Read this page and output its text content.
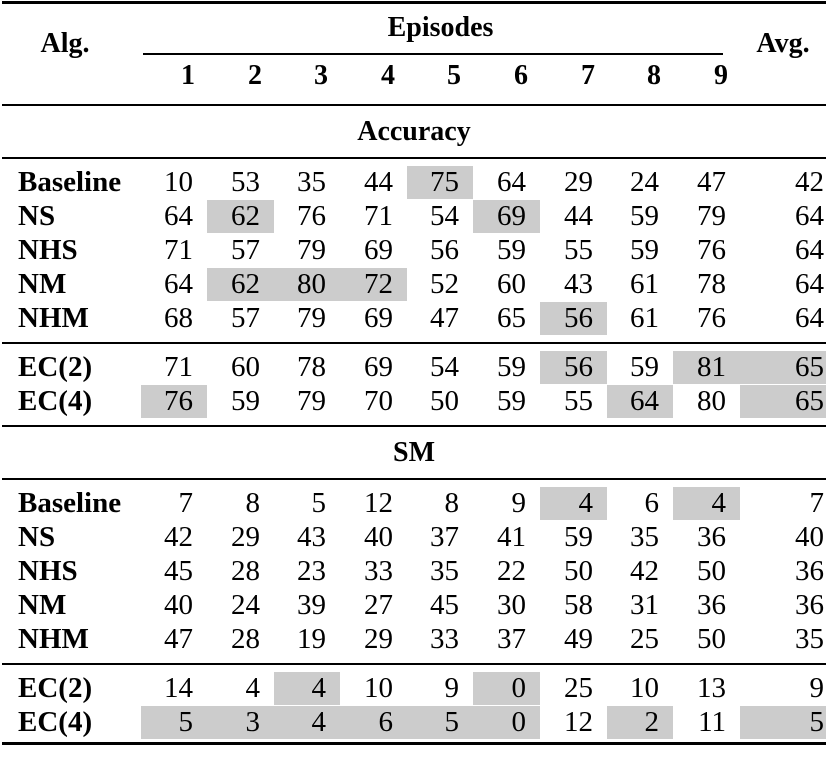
Alg.
Episodes
Avg.
1	2	3	4	5	6	7	8	9
Accuracy
Baseline	10	53	35	44	75	64	29	24	47	42
NS	64	62	76	71	54	69	44	59	79	64
NHS	71	57	79	69	56	59	55	59	76	64
NM	64	62	80	72	52	60	43	61	78	64
NHM	68	57	79	69	47	65	56	61	76	64
EC(2)	71	60	78	69	54	59	56	59	81	65
EC(4)	76	59	79	70	50	59	55	64	80	65
SM
Baseline	7	8	5	12	8	9	4	6	4	7
NS	42	29	43	40	37	41	59	35	36	40
NHS	45	28	23	33	35	22	50	42	50	36
NM	40	24	39	27	45	30	58	31	36	36
NHM	47	28	19	29	33	37	49	25	50	35
EC(2)	14	4	4	10	9	0	25	10	13	9
EC(4)	5	3	4	6	5	0	12	2	11	5
